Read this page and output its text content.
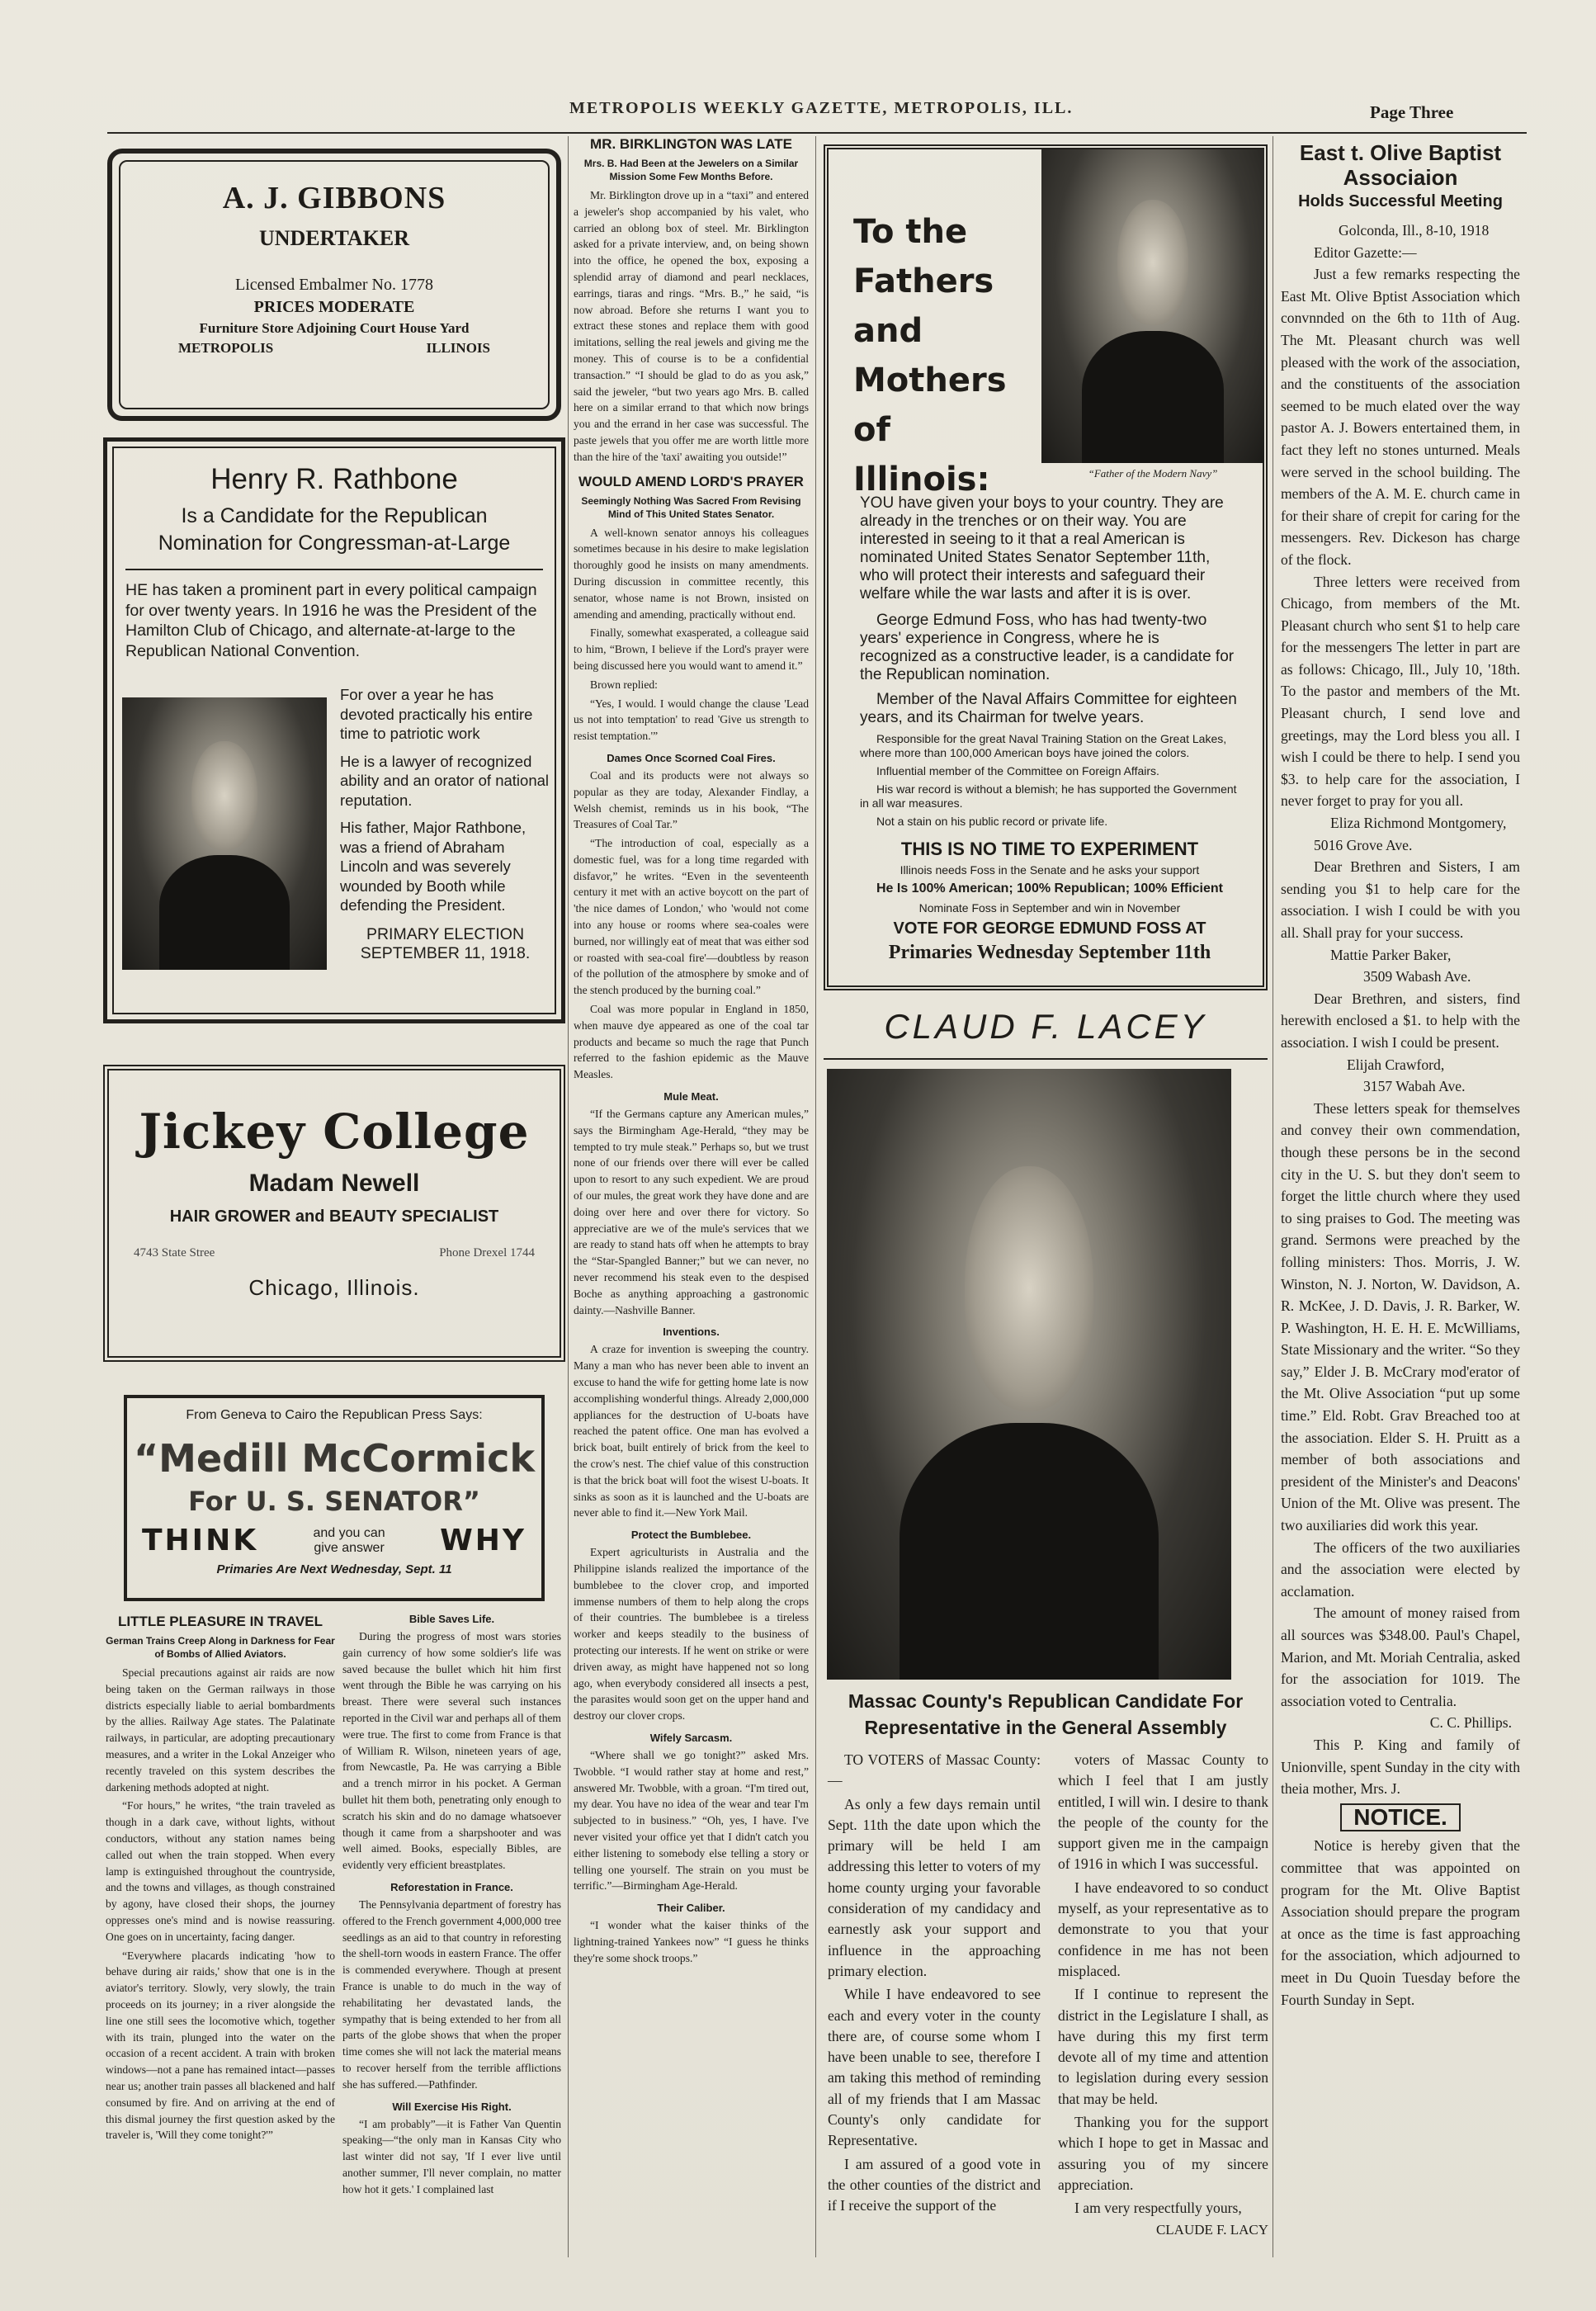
METROPOLIS WEEKLY GAZETTE, METROPOLIS, ILL.	Page Three
A. J. GIBBONS
UNDERTAKER
Licensed Embalmer No. 1778
PRICES MODERATE
Furniture Store Adjoining Court House Yard
METROPOLIS	ILLINOIS
Henry R. Rathbone
Is a Candidate for the Republican
Nomination for Congressman-at-Large

HE has taken a prominent part in every political campaign for over twenty years. In 1916 he was the President of the Hamilton Club of Chicago, and alternate-at-large to the Republican National Convention.

For over a year he has devoted practically his entire time to patriotic work

He is a lawyer of recognized ability and an orator of national reputation.

His father, Major Rathbone, was a friend of Abraham Lincoln and was severely wounded by Booth while defending the President.

PRIMARY ELECTION
SEPTEMBER 11, 1918.
Jickey College
Madam Newell
HAIR GROWER and BEAUTY SPECIALIST
4743 State Stree	Phone Drexel 1744
Chicago, Illinois.
From Geneva to Cairo the Republican Press Says:
“Medill McCormick
For U. S. SENATOR”
THINK	and you can give answer	WHY
Primaries Are Next Wednesday, Sept. 11
LITTLE PLEASURE IN TRAVEL
German Trains Creep Along in Darkness for Fear of Bombs of Allied Aviators.

Special precautions against air raids are now being taken on the German railways in those districts especially liable to aerial bombardments by the allies. Railway Age states. The Palatinate railways, in particular, are adopting precautionary measures, and a writer in the Lokal Anzeiger who recently traveled on this system describes the darkening methods adopted at night.

“For hours,” he writes, “the train traveled as though in a dark cave, without lights, without conductors, without any station names being called out when the train stopped. When every lamp is extinguished throughout the countryside, and the towns and villages, as though constrained by agony, have closed their shops, the journey oppresses one's mind and is nowise reassuring. One goes on in uncertainty, facing danger.

“Everywhere placards indicating 'how to behave during air raids,' show that one is in the aviator's territory. Slowly, very slowly, the train proceeds on its journey; in a river alongside the line one still sees the locomotive which, together with its train, plunged into the water on the occasion of a recent accident. A train with broken windows—not a pane has remained intact—passes near us; another train passes all blackened and half consumed by fire. And on arriving at the end of this dismal journey the first question asked by the traveler is, 'Will they come tonight?'”

Bible Saves Life.

During the progress of most wars stories gain currency of how some soldier's life was saved because the bullet which hit him first went through the Bible he was carrying on his breast. There were several such instances reported in the Civil war and perhaps all of them were true. The first to come from France is that of William R. Wilson, nineteen years of age, from Newcastle, Pa. He was carrying a Bible and a trench mirror in his pocket. A German bullet hit them both, penetrating only enough to scratch his skin and do no damage whatsoever though it came from a sharpshooter and was well aimed. Books, especially Bibles, are evidently very efficient breastplates.

Reforestation in France.

The Pennsylvania department of forestry has offered to the French government 4,000,000 tree seedlings as an aid to that country in reforesting the shell-torn woods in eastern France. The offer is commended everywhere. Though at present France is unable to do much in the way of rehabilitating her devastated lands, the sympathy that is being extended to her from all parts of the globe shows that when the proper time comes she will not lack the material means to recover herself from the terrible afflictions she has suffered.—Pathfinder.

Will Exercise His Right.

“I am probably”—it is Father Van Quentin speaking—“the only man in Kansas City who last winter did not say, 'If I ever live until another summer, I'll never complain, no matter how hot it gets.' I complained last

MR. BIRKLINGTON WAS LATE
Mrs. B. Had Been at the Jewelers on a Similar Mission Some Few Months Before.

Mr. Birklington drove up in a “taxi” and entered a jeweler's shop accompanied by his valet, who carried an oblong box of steel. Mr. Birklington asked for a private interview, and, on being shown into the office, he opened the box, exposing a splendid array of diamond and pearl necklaces, earrings, tiaras and rings. “Mrs. B.,” he said, “is now abroad. Before she returns I want you to extract these stones and replace them with good imitations, selling the real jewels and giving me the money. This of course is to be a confidential transaction.” “I should be glad to do as you ask,” said the jeweler, “but two years ago Mrs. B. called here on a similar errand to that which now brings you and the errand in her case was successful. The paste jewels that you offer me are worth little more than the hire of the 'taxi' awaiting you outside!”

WOULD AMEND LORD'S PRAYER
Seemingly Nothing Was Sacred From Revising Mind of This United States Senator.

A well-known senator annoys his colleagues sometimes because in his desire to make legislation thoroughly good he insists on many amendments. During discussion in committee recently, this senator, whose name is not Brown, insisted on amending and amending, practically without end.

Finally, somewhat exasperated, a colleague said to him, “Brown, I believe if the Lord's prayer were being discussed here you would want to amend it.”

Brown replied:

“Yes, I would. I would change the clause 'Lead us not into temptation' to read 'Give us strength to resist temptation.'”

Dames Once Scorned Coal Fires.

Coal and its products were not always so popular as they are today, Alexander Findlay, a Welsh chemist, reminds us in his book, “The Treasures of Coal Tar.”

“The introduction of coal, especially as a domestic fuel, was for a long time regarded with disfavor,” he writes. “Even in the seventeenth century it met with an active boycott on the part of 'the nice dames of London,' who 'would not come into any house or rooms where sea-coales were burned, nor willingly eat of meat that was either sod or roasted with sea-coal fire'—doubtless by reason of the pollution of the atmosphere by smoke and of the stench produced by the burning coal.”

Coal was more popular in England in 1850, when mauve dye appeared as one of the coal tar products and became so much the rage that Punch referred to the fashion epidemic as the Mauve Measles.

Mule Meat.

“If the Germans capture any American mules,” says the Birmingham Age-Herald, “they may be tempted to try mule steak.” Perhaps so, but we trust none of our friends over there will ever be called upon to resort to any such expedient. We are proud of our mules, the great work they have done and are doing over here and over there for victory. So appreciative are we of the mule's services that we are ready to stand hats off when he attempts to bray the “Star-Spangled Banner;” but we can never, no never recommend his steak even to the despised Boche as anything approaching a gastronomic dainty.—Nashville Banner.

Inventions.

A craze for invention is sweeping the country. Many a man who has never been able to invent an excuse to hand the wife for getting home late is now accomplishing wonderful things. Already 2,000,000 appliances for the destruction of U-boats have reached the patent office. One man has evolved a brick boat, built entirely of brick from the keel to the crow's nest. The chief value of this construction is that the brick boat will foot the wisest U-boats. It sinks as soon as it is launched and the U-boats are never able to find it.—New York Mail.

Protect the Bumblebee.

Expert agriculturists in Australia and the Philippine islands realized the importance of the bumblebee to the clover crop, and imported immense numbers of them to help along the crops of their countries. The bumblebee is a tireless worker and keeps steadily to the business of protecting our interests. If he went on strike or were driven away, as might have happened not so long ago, when everybody considered all insects a pest, the parasites would soon get on the upper hand and destroy our clover crops.

Wifely Sarcasm.

“Where shall we go tonight?” asked Mrs. Twobble. “I would rather stay at home and rest,” answered Mr. Twobble, with a groan. “I'm tired out, my dear. You have no idea of the wear and tear I'm subjected to in business.” “Oh, yes, I have. I've never visited your office yet that I didn't catch you either listening to somebody else telling a story or telling one yourself. The strain on you must be terrific.”—Birmingham Age-Herald.

Their Caliber.

“I wonder what the kaiser thinks of the lightning-trained Yankees now” “I guess he thinks they're some shock troops.”

To the
Fathers
and
Mothers
of Illinois:	“Father of the Modern Navy”

YOU have given your boys to your country. They are already in the trenches or on their way. You are interested in seeing to it that a real American is nominated United States Senator September 11th, who will protect their interests and safeguard their welfare while the war lasts and after it is is over.

George Edmund Foss, who has had twenty-two years' experience in Congress, where he is recognized as a constructive leader, is a candidate for the Republican nomination.

Member of the Naval Affairs Committee for eighteen years, and its Chairman for twelve years.

Responsible for the great Naval Training Station on the Great Lakes, where more than 100,000 American boys have joined the colors.

Influential member of the Committee on Foreign Affairs.

His war record is without a blemish; he has supported the Government in all war measures.

Not a stain on his public record or private life.

THIS IS NO TIME TO EXPERIMENT
Illinois needs Foss in the Senate and he asks your support
He Is 100% American; 100% Republican; 100% Efficient
Nominate Foss in September and win in November
VOTE FOR GEORGE EDMUND FOSS AT
Primaries Wednesday September 11th
CLAUD F. LACEY
Massac County's Republican Candidate For Representative in the General Assembly

TO VOTERS of Massac County:—

As only a few days remain until Sept. 11th the date upon which the primary will be held I am addressing this letter to voters of my home county urging your favorable consideration of my candidacy and earnestly ask your support and influence in the approaching primary election.

While I have endeavored to see each and every voter in the county there are, of course some whom I have been unable to see, therefore I am taking this method of reminding all of my friends that I am Massac County's only candidate for Representative.

I am assured of a good vote in the other counties of the district and if I receive the support of the

voters of Massac County to which I feel that I am justly entitled, I will win. I desire to thank the people of the county for the support given me in the campaign of 1916 in which I was successful.

I have endeavored to so conduct myself, as your representative as to demonstrate to you that your confidence in me has not been misplaced.

If I continue to represent the district in the Legislature I shall, as have during this my first term devote all of my time and attention to legislation during every session that may be held.

Thanking you for the support which I hope to get in Massac and assuring you of my sincere appreciation.

I am very respectfully yours,

CLAUDE F. LACY
East t. Olive Baptist
Associaion
Holds Successful Meeting
Golconda, Ill., 8-10, 1918
Editor Gazette:—

Just a few remarks respecting the East Mt. Olive Bptist Association which convnnded on the 6th to 11th of Aug. The Mt. Pleasant church was well pleased with the work of the association, and the constituents of the association seemed to be much elated over the way pastor A. J. Bowers entertained them, in fact they left no stones unturned. Meals were served in the school building. The members of the A. M. E. church came in for their share of crepit for caring for the messengers. Rev. Dickeson has charge of the flock.

Three letters were received from Chicago, from members of the Mt. Pleasant church who sent $1 to help care for the messengers The letter in part are as follows: Chicago, Ill., July 10, '18th. To the pastor and members of the Mt. Pleasant church, I send love and greetings, may the Lord bless you all. I wish I could be there to help. I send you $3. to help care for the association, I never forget to pray for you all.

Eliza Richmond Montgomery,
5016 Grove Ave.

Dear Brethren and Sisters, I am sending you $1 to help care for the association. I wish I could be with you all. Shall pray for your success.

Mattie Parker Baker,
3509 Wabash Ave.

Dear Brethren, and sisters, find herewith enclosed a $1. to help with the association. I wish I could be present.

Elijah Crawford,
3157 Wabah Ave.

These letters speak for themselves and convey their own commendation, though these persons be in the second city in the U. S. but they don't seem to forget the little church where they used to sing praises to God. The meeting was grand. Sermons were preached by the folling ministers: Thos. Morris, J. W. Winston, N. J. Norton, W. Davidson, A. R. McKee, J. D. Davis, J. R. Barker, W. P. Washington, H. E. H. E. McWilliams, State Missionary and the writer. “So they say,” Elder J. B. McCrary mod'erator of the Mt. Olive Association “put up some time.” Eld. Robt. Grav Breached too at the association. Elder S. H. Pruitt as a member of both associations and president of the Minister's and Deacons' Union of the Mt. Olive was present. The two auxiliaries did work this year.

The officers of the two auxiliaries and the association were elected by acclamation.

The amount of money raised from all sources was $348.00. Paul's Chapel, Marion, and Mt. Moriah Centralia, asked for the association for 1019. The association voted to Centralia.

C. C. Phillips.

This P. King and family of Unionville, spent Sunday in the city with theia mother, Mrs. J.

NOTICE.

Notice is hereby given that the committee that was appointed on program for the Mt. Olive Baptist Association should prepare the program at once as the time is fast approaching for the association, which adjourned to meet in Du Quoin Tuesday before the Fourth Sunday in Sept.
